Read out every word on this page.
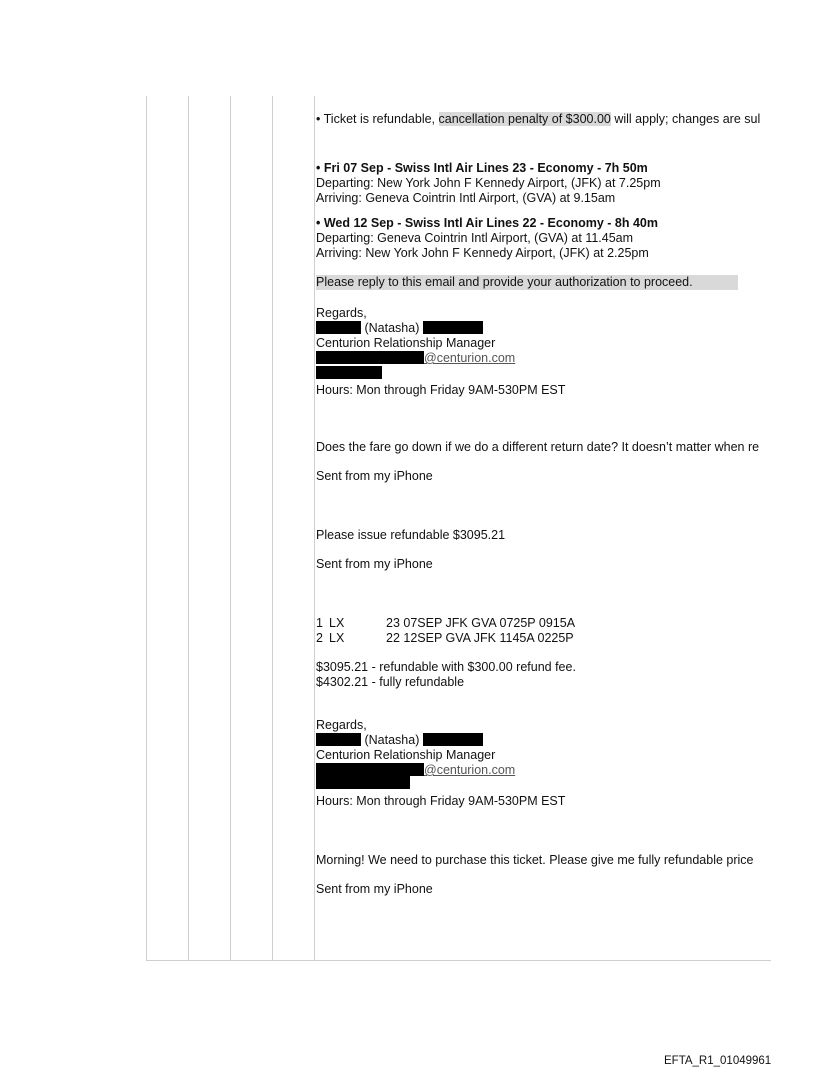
• Ticket is refundable, cancellation penalty of $300.00 will apply; changes are sul
• Fri 07 Sep - Swiss Intl Air Lines 23 - Economy - 7h 50m
Departing: New York John F Kennedy Airport, (JFK) at 7.25pm
Arriving: Geneva Cointrin Intl Airport, (GVA) at 9.15am
• Wed 12 Sep - Swiss Intl Air Lines 22 - Economy - 8h 40m
Departing: Geneva Cointrin Intl Airport, (GVA) at 11.45am
Arriving: New York John F Kennedy Airport, (JFK) at 2.25pm
Please reply to this email and provide your authorization to proceed.
Regards,
(Natasha)
Centurion Relationship Manager
@centurion.com
Hours: Mon through Friday 9AM-530PM EST
Does the fare go down if we do a different return date? It doesn’t matter when re
Sent from my iPhone
Please issue refundable $3095.21
Sent from my iPhone
1 LX	23 07SEP JFK GVA 0725P 0915A
2 LX	22 12SEP GVA JFK 1145A 0225P
$3095.21 - refundable with $300.00 refund fee.
$4302.21 - fully refundable
Regards,
(Natasha)
Centurion Relationship Manager
@centurion.com
Hours: Mon through Friday 9AM-530PM EST
Morning! We need to purchase this ticket. Please give me fully refundable price
Sent from my iPhone
EFTA_R1_01049961
